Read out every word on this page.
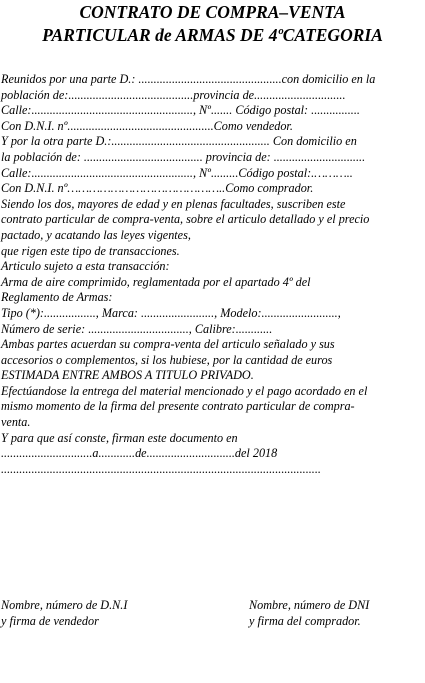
CONTRATO DE COMPRA–VENTA
PARTICULAR de ARMAS DE 4ºCATEGORIA
Reunidos por una parte D.: ...............................................con domicilio en la
población de:.........................................provincia de..............................
Calle:....................................................., Nº....... Código postal: ................
Con D.N.I. nº................................................Como vendedor.
Y por la otra parte D.:.................................................... Con domicilio en
la población de: ....................................... provincia de: ..............................
Calle:....................................................., Nº.........Código postal:.………..
Con D.N.I. nº……………………………………..Como comprador.
Siendo los dos, mayores de edad y en plenas facultades, suscriben este
contrato particular de compra-venta, sobre el articulo detallado y el precio
pactado, y acatando las leyes vigentes,
que rigen este tipo de transacciones.
Articulo sujeto a esta transacción:
Arma de aire comprimido, reglamentada por el apartado 4º del
Reglamento de Armas:
Tipo (*):................., Marca: ........................, Modelo:.........................,
Número de serie: ................................., Calibre:............
Ambas partes acuerdan su compra-venta del articulo señalado y sus
accesorios o complementos, si los hubiese, por la cantidad de euros
ESTIMADA ENTRE AMBOS A TITULO PRIVADO.
Efectúandose la entrega del material mencionado y el pago acordado en el
mismo momento de la firma del presente contrato particular de compra-
venta.
Y para que así conste, firman este documento en
..............................a............de.............................del 2018
.........................................................................................................
Nombre, número de D.N.I
y firma de vendedor
Nombre, número de DNI
y firma del comprador.
